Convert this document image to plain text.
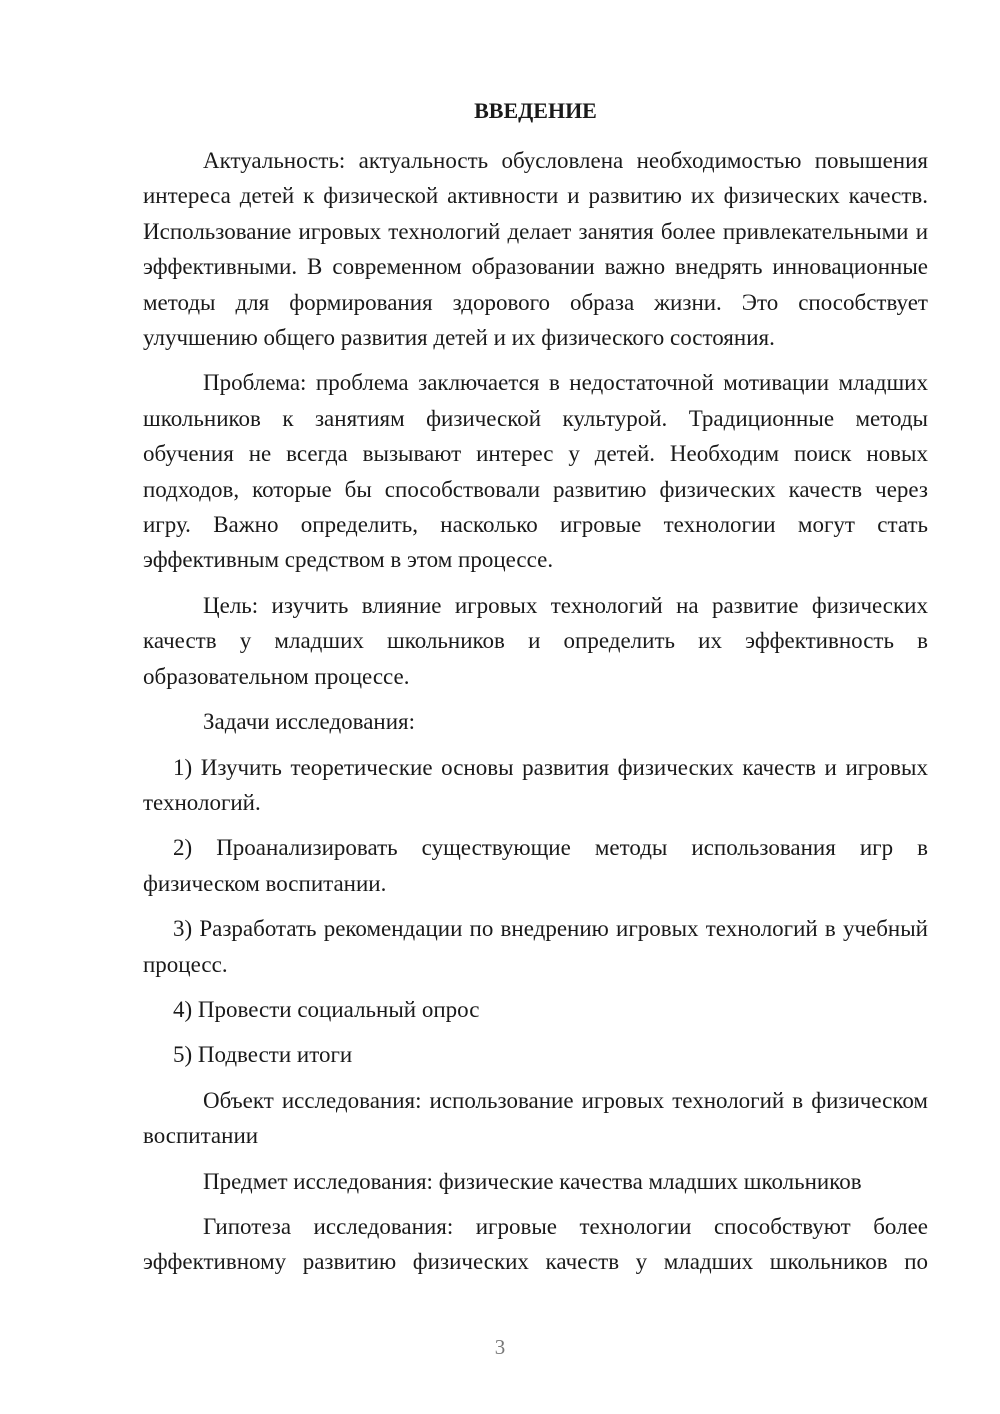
ВВЕДЕНИЕ

Актуальность: актуальность обусловлена необходимостью повышения интереса детей к физической активности и развитию их физических качеств. Использование игровых технологий делает занятия более привлекательными и эффективными. В современном образовании важно внедрять инновационные методы для формирования здорового образа жизни. Это способствует улучшению общего развития детей и их физического состояния.

Проблема: проблема заключается в недостаточной мотивации младших школьников к занятиям физической культурой. Традиционные методы обучения не всегда вызывают интерес у детей. Необходим поиск новых подходов, которые бы способствовали развитию физических качеств через игру. Важно определить, насколько игровые технологии могут стать эффективным средством в этом процессе.

Цель: изучить влияние игровых технологий на развитие физических качеств у младших школьников и определить их эффективность в образовательном процессе.

Задачи исследования:

1) Изучить теоретические основы развития физических качеств и игровых технологий.

2) Проанализировать существующие методы использования игр в физическом воспитании.

3) Разработать рекомендации по внедрению игровых технологий в учебный процесс.

4) Провести социальный опрос

5) Подвести итоги

Объект исследования: использование игровых технологий в физическом воспитании

Предмет исследования: физические качества младших школьников

Гипотеза исследования: игровые технологии способствуют более эффективному развитию физических качеств у младших школьников по

3
